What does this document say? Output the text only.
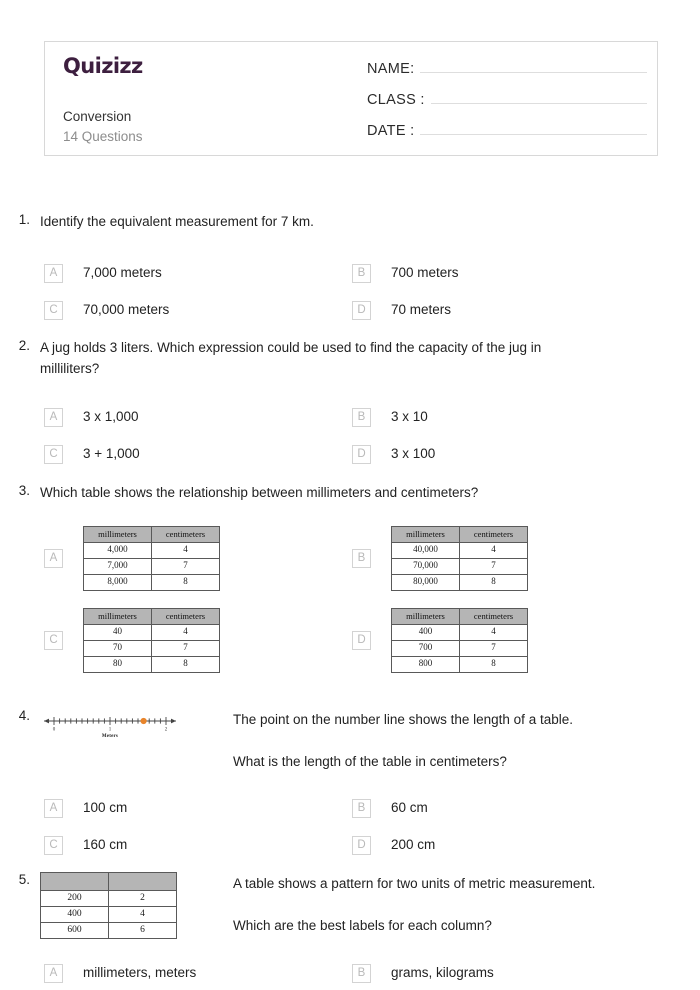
Quizizz
Conversion
14 Questions
NAME:
CLASS :
DATE :
1. Identify the equivalent measurement for 7 km.
A	7,000 meters	B	700 meters
C	70,000 meters	D	70 meters
2. A jug holds 3 liters. Which expression could be used to find the capacity of the jug in milliliters?
A	3 x 1,000	B	3 x 10
C	3 + 1,000	D	3 x 100
3. Which table shows the relationship between millimeters and centimeters?
A
millimeters	centimeters
4,000	4
7,000	7
8,000	8
B
millimeters	centimeters
40,000	4
70,000	7
80,000	8
C
millimeters	centimeters
40	4
70	7
80	8
D
millimeters	centimeters
400	4
700	7
800	8
4.
0	1	2
Meters
The point on the number line shows the length of a table.
What is the length of the table in centimeters?
A	100 cm	B	60 cm
C	160 cm	D	200 cm
5.

200	2
400	4
600	6
A table shows a pattern for two units of metric measurement.
Which are the best labels for each column?
A	millimeters, meters	B	grams, kilograms
